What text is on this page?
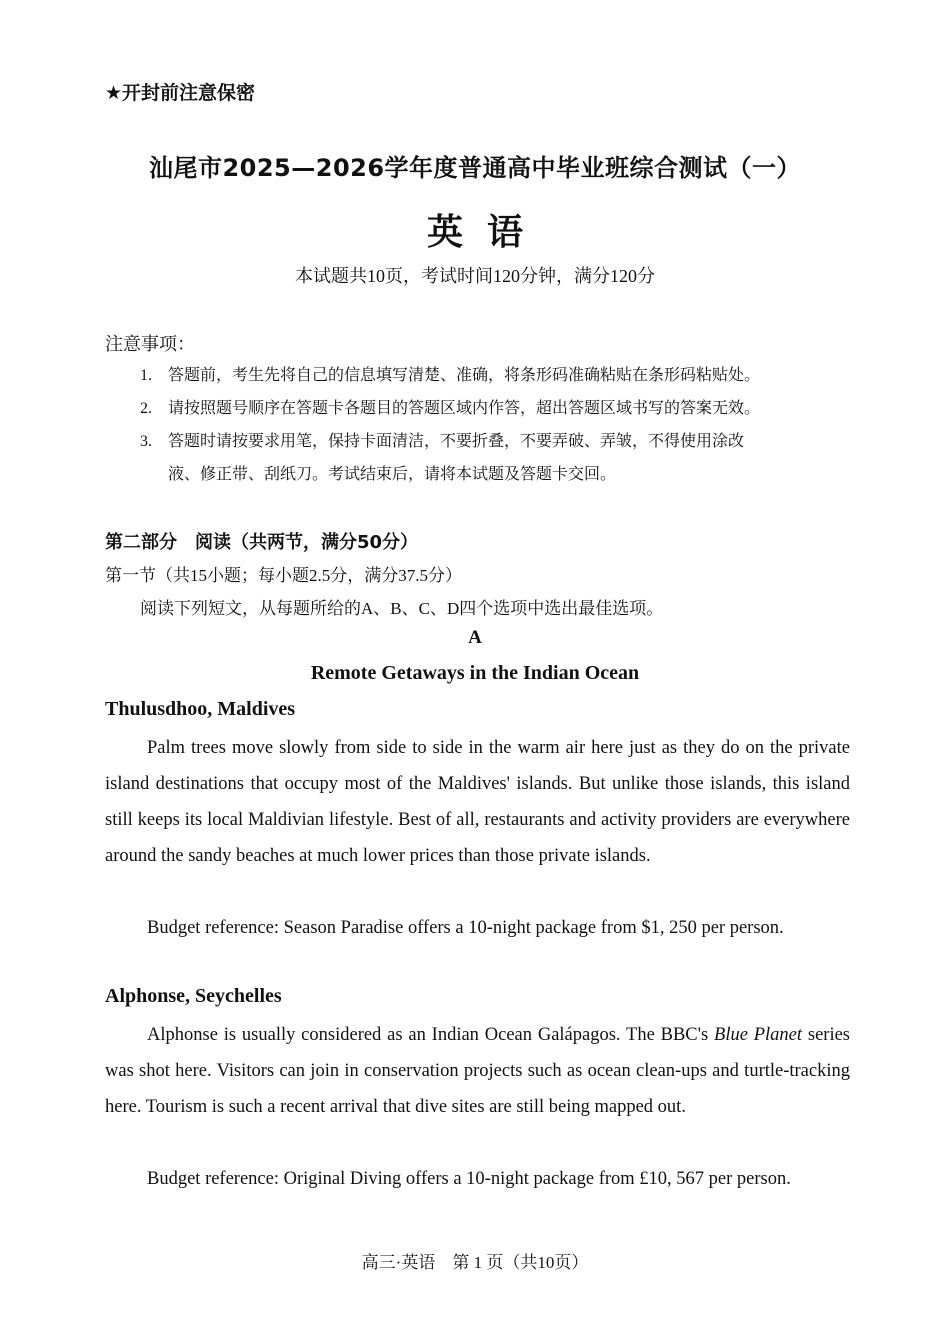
★开封前注意保密

汕尾市2025—2026学年度普通高中毕业班综合测试（一）
英语

本试题共10页，考试时间120分钟，满分120分

注意事项：

1. 答题前，考生先将自己的信息填写清楚、准确，将条形码准确粘贴在条形码粘贴处。
2. 请按照题号顺序在答题卡各题目的答题区域内作答，超出答题区域书写的答案无效。
3. 答题时请按要求用笔，保持卡面清洁，不要折叠，不要弄破、弄皱，不得使用涂改
液、修正带、刮纸刀。考试结束后，请将本试题及答题卡交回。

第二部分　阅读（共两节，满分50分）

第一节（共15小题；每小题2.5分，满分37.5分）

阅读下列短文，从每题所给的A、B、C、D四个选项中选出最佳选项。

A

Remote Getaways in the Indian Ocean

Thulusdhoo, Maldives

Palm trees move slowly from side to side in the warm air here just as they do on the private island destinations that occupy most of the Maldives' islands. But unlike those islands, this island still keeps its local Maldivian lifestyle. Best of all, restaurants and activity providers are everywhere around the sandy beaches at much lower prices than those private islands.

Budget reference: Season Paradise offers a 10-night package from $1, 250 per person.

Alphonse, Seychelles

Alphonse is usually considered as an Indian Ocean Galápagos. The BBC's Blue Planet series was shot here. Visitors can join in conservation projects such as ocean clean-ups and turtle-tracking here. Tourism is such a recent arrival that dive sites are still being mapped out.

Budget reference: Original Diving offers a 10-night package from £10, 567 per person.

高三·英语　第 1 页（共10页）
